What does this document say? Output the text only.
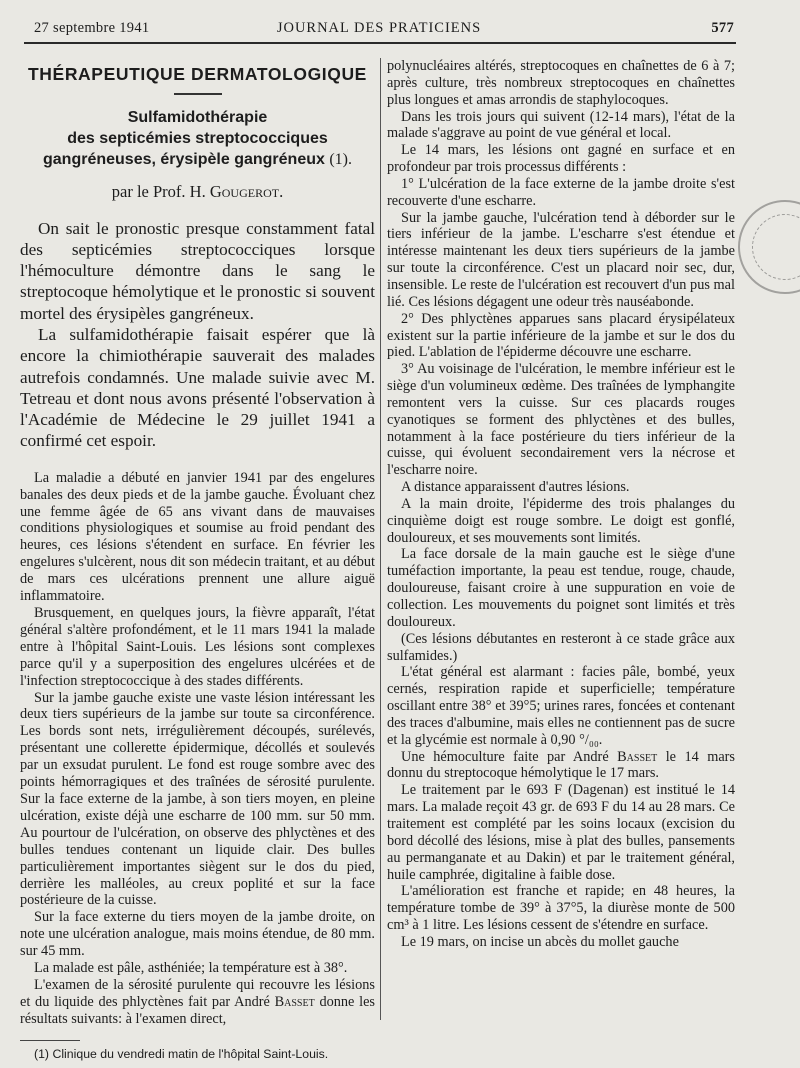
27 septembre 1941	JOURNAL DES PRATICIENS	577
THÉRAPEUTIQUE DERMATOLOGIQUE
Sulfamidothérapie
des septicémies streptococciques
gangréneuses, érysipèle gangréneux (1).
par le Prof. H. Gougerot.

On sait le pronostic presque constamment fatal des septicémies streptococciques lorsque l'hémoculture démontre dans le sang le streptocoque hémolytique et le pronostic si souvent mortel des érysipèles gangréneux.

La sulfamidothérapie faisait espérer que là encore la chimiothérapie sauverait des malades autrefois condamnés. Une malade suivie avec M. Tetreau et dont nous avons présenté l'observation à l'Académie de Médecine le 29 juillet 1941 a confirmé cet espoir.

La maladie a débuté en janvier 1941 par des engelures banales des deux pieds et de la jambe gauche. Évoluant chez une femme âgée de 65 ans vivant dans de mauvaises conditions physiologiques et soumise au froid pendant des heures, ces lésions s'étendent en surface. En février les engelures s'ulcèrent, nous dit son médecin traitant, et au début de mars ces ulcérations prennent une allure aiguë inflammatoire.

Brusquement, en quelques jours, la fièvre apparaît, l'état général s'altère profondément, et le 11 mars 1941 la malade entre à l'hôpital Saint-Louis. Les lésions sont complexes parce qu'il y a superposition des engelures ulcérées et de l'infection streptococcique à des stades différents.

Sur la jambe gauche existe une vaste lésion intéressant les deux tiers supérieurs de la jambe sur toute sa circonférence. Les bords sont nets, irrégulièrement découpés, surélevés, présentant une collerette épidermique, décollés et soulevés par un exsudat purulent. Le fond est rouge sombre avec des points hémorragiques et des traînées de sérosité purulente. Sur la face externe de la jambe, à son tiers moyen, en pleine ulcération, existe déjà une escharre de 100 mm. sur 50 mm. Au pourtour de l'ulcération, on observe des phlyctènes et des bulles tendues contenant un liquide clair. Des bulles particulièrement importantes siègent sur le dos du pied, derrière les malléoles, au creux poplité et sur la face postérieure de la cuisse.

Sur la face externe du tiers moyen de la jambe droite, on note une ulcération analogue, mais moins étendue, de 80 mm. sur 45 mm.

La malade est pâle, asthéniée; la température est à 38°.

L'examen de la sérosité purulente qui recouvre les lésions et du liquide des phlyctènes fait par André Basset donne les résultats suivants: à l'examen direct,

(1) Clinique du vendredi matin de l'hôpital Saint-Louis.

polynucléaires altérés, streptocoques en chaînettes de 6 à 7; après culture, très nombreux streptocoques en chaînettes plus longues et amas arrondis de staphylocoques.

Dans les trois jours qui suivent (12-14 mars), l'état de la malade s'aggrave au point de vue général et local.

Le 14 mars, les lésions ont gagné en surface et en profondeur par trois processus différents :

1° L'ulcération de la face externe de la jambe droite s'est recouverte d'une escharre.

Sur la jambe gauche, l'ulcération tend à déborder sur le tiers inférieur de la jambe. L'escharre s'est étendue et intéresse maintenant les deux tiers supérieurs de la jambe sur toute la circonférence. C'est un placard noir sec, dur, insensible. Le reste de l'ulcération est recouvert d'un pus mal lié. Ces lésions dégagent une odeur très nauséabonde.

2° Des phlyctènes apparues sans placard érysipélateux existent sur la partie inférieure de la jambe et sur le dos du pied. L'ablation de l'épiderme découvre une escharre.

3° Au voisinage de l'ulcération, le membre inférieur est le siège d'un volumineux œdème. Des traînées de lymphangite remontent vers la cuisse. Sur ces placards rouges cyanotiques se forment des phlyctènes et des bulles, notamment à la face postérieure du tiers inférieur de la cuisse, qui évoluent secondairement vers la nécrose et l'escharre noire.

A distance apparaissent d'autres lésions.

A la main droite, l'épiderme des trois phalanges du cinquième doigt est rouge sombre. Le doigt est gonflé, douloureux, et ses mouvements sont limités.

La face dorsale de la main gauche est le siège d'une tuméfaction importante, la peau est tendue, rouge, chaude, douloureuse, faisant croire à une suppuration en voie de collection. Les mouvements du poignet sont limités et très douloureux.

(Ces lésions débutantes en resteront à ce stade grâce aux sulfamides.)

L'état général est alarmant : facies pâle, bombé, yeux cernés, respiration rapide et superficielle; température oscillant entre 38° et 39°5; urines rares, foncées et contenant des traces d'albumine, mais elles ne contiennent pas de sucre et la glycémie est normale à 0,90 °/₀₀.

Une hémoculture faite par André Basset le 14 mars donnu du streptocoque hémolytique le 17 mars.

Le traitement par le 693 F (Dagenan) est institué le 14 mars. La malade reçoit 43 gr. de 693 F du 14 au 28 mars. Ce traitement est complété par les soins locaux (excision du bord décollé des lésions, mise à plat des bulles, pansements au permanganate et au Dakin) et par le traitement général, huile camphrée, digitaline à faible dose.

L'amélioration est franche et rapide; en 48 heures, la température tombe de 39° à 37°5, la diurèse monte de 500 cm³ à 1 litre. Les lésions cessent de s'étendre en surface.

Le 19 mars, on incise un abcès du mollet gauche
